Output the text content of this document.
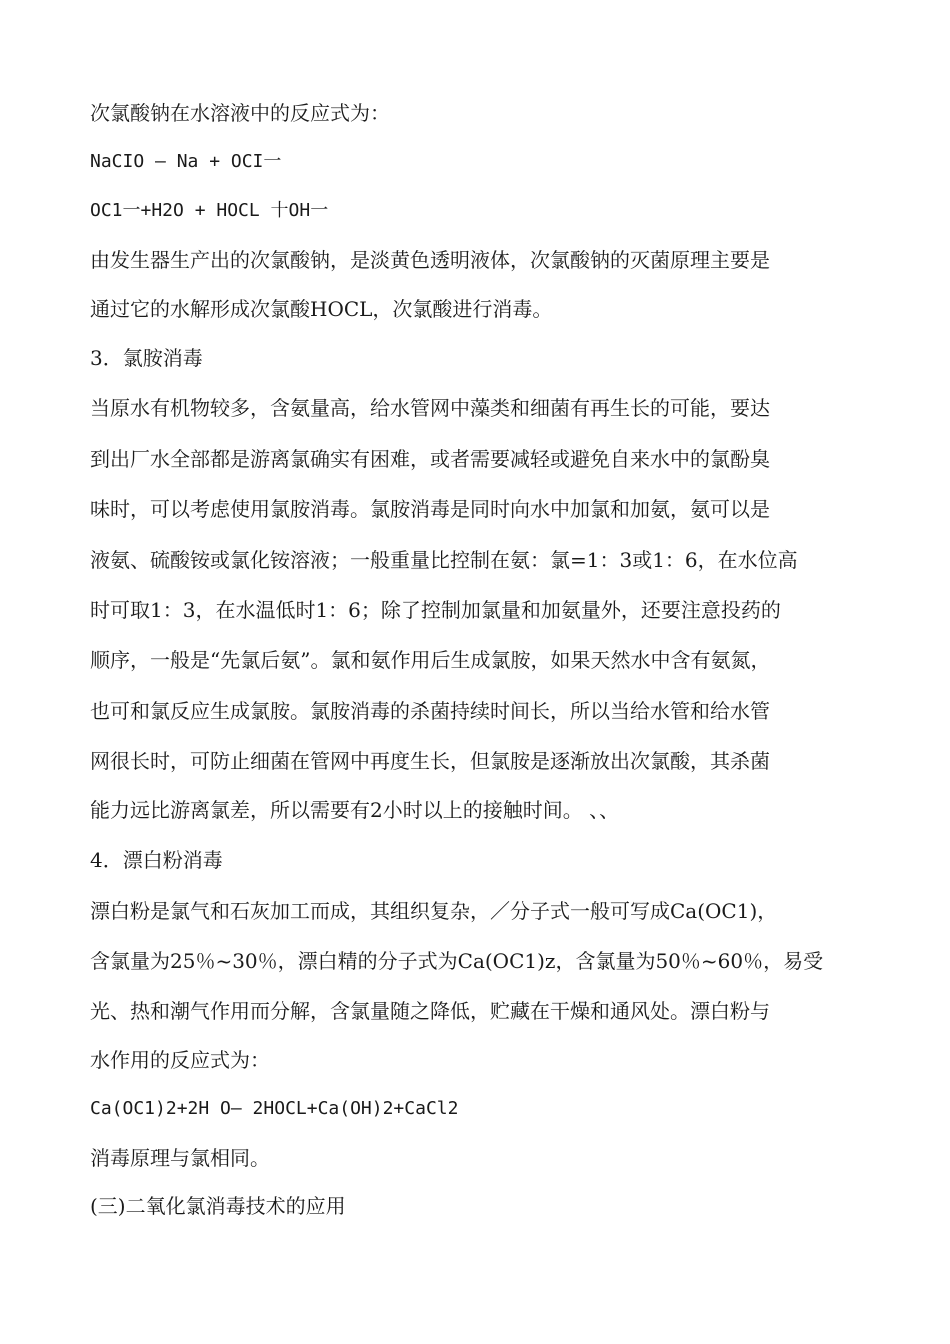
次氯酸钠在水溶液中的反应式为：
NaCIO — Na + OCI一
OC1一+H2O + HOCL 十OH一
由发生器生产出的次氯酸钠，是淡黄色透明液体，次氯酸钠的灭菌原理主要是
通过它的水解形成次氯酸HOCL，次氯酸进行消毒。
3．氯胺消毒
当原水有机物较多，含氨量高，给水管网中藻类和细菌有再生长的可能，要达
到出厂水全部都是游离氯确实有困难，或者需要减轻或避免自来水中的氯酚臭
味时，可以考虑使用氯胺消毒。氯胺消毒是同时向水中加氯和加氨，氨可以是
液氨、硫酸铵或氯化铵溶液；一般重量比控制在氨：氯=1：3或1：6，在水位高
时可取1：3，在水温低时1：6；除了控制加氯量和加氨量外，还要注意投药的
顺序，一般是“先氯后氨”。氯和氨作用后生成氯胺，如果天然水中含有氨氮，
也可和氯反应生成氯胺。氯胺消毒的杀菌持续时间长，所以当给水管和给水管
网很长时，可防止细菌在管网中再度生长，但氯胺是逐渐放出次氯酸，其杀菌
能力远比游离氯差，所以需要有2小时以上的接触时间。 、、
4．漂白粉消毒
漂白粉是氯气和石灰加工而成，其组织复杂，／分子式一般可写成Ca(OC1)，
含氯量为25％~30％，漂白精的分子式为Ca(OC1)z，含氯量为50％~60％，易受
光、热和潮气作用而分解，含氯量随之降低，贮藏在干燥和通风处。漂白粉与
水作用的反应式为：
Ca(OC1)2+2H O— 2HOCL+Ca(OH)2+CaCl2
消毒原理与氯相同。
(三)二氧化氯消毒技术的应用
